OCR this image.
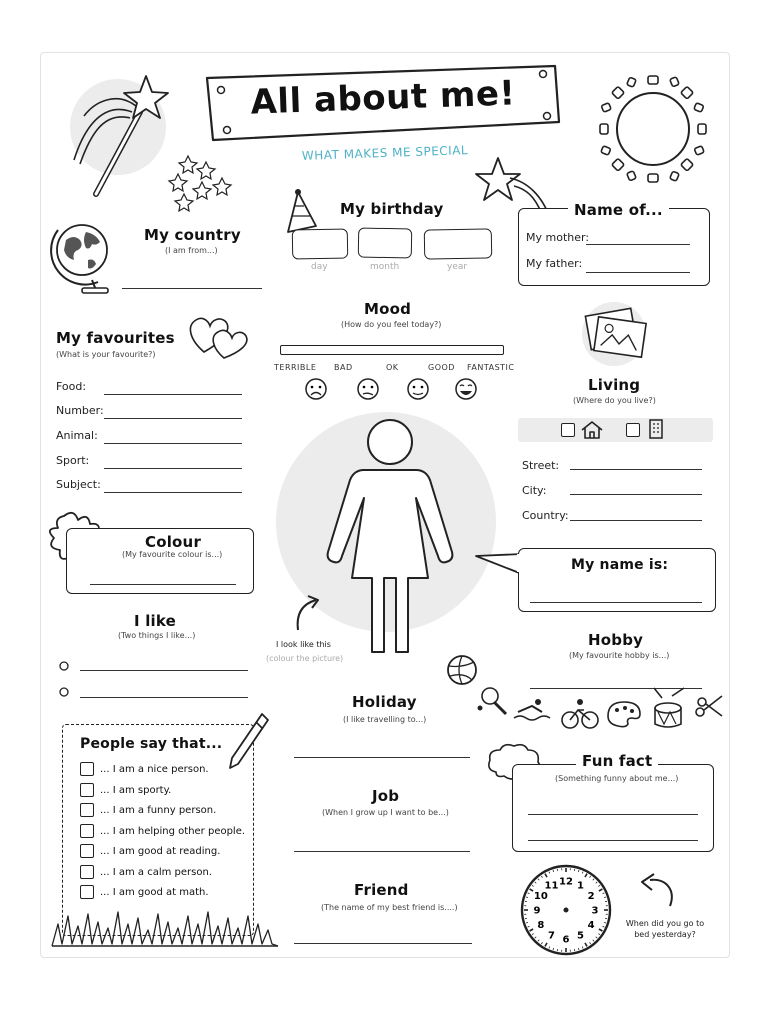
All about me!
WHAT MAKES ME SPECIAL
My country
(I am from...)
My birthday
day	month	year
Name of...
My mother:
My father:
Mood
(How do you feel today?)
TERRIBLE BAD	OK	GOOD FANTASTIC
My favourites
(What is your favourite?)
Food:
Number:
Animal:
Sport:
Subject:
Living
(Where do you live?)
Street:
City:
Country:
I look like this
(colour the picture)
Colour
(My favourite colour is...)
My name is:
I like
(Two things I like...)	Hobby
(My favourite hobby is...)
Holiday
(I like travelling to...)
People say that...
... I am a nice person.
... I am sporty.
... I am a funny person.
... I am helping other people.
... I am good at reading.
... I am a calm person.
... I am good at math.
Job
(When I grow up I want to be...)
Fun fact
(Something funny about me...)
Friend
(The name of my best friend is....)
12 1
2
3
4
5
6
7
8
9
10
11
When did you go to
bed yesterday?
